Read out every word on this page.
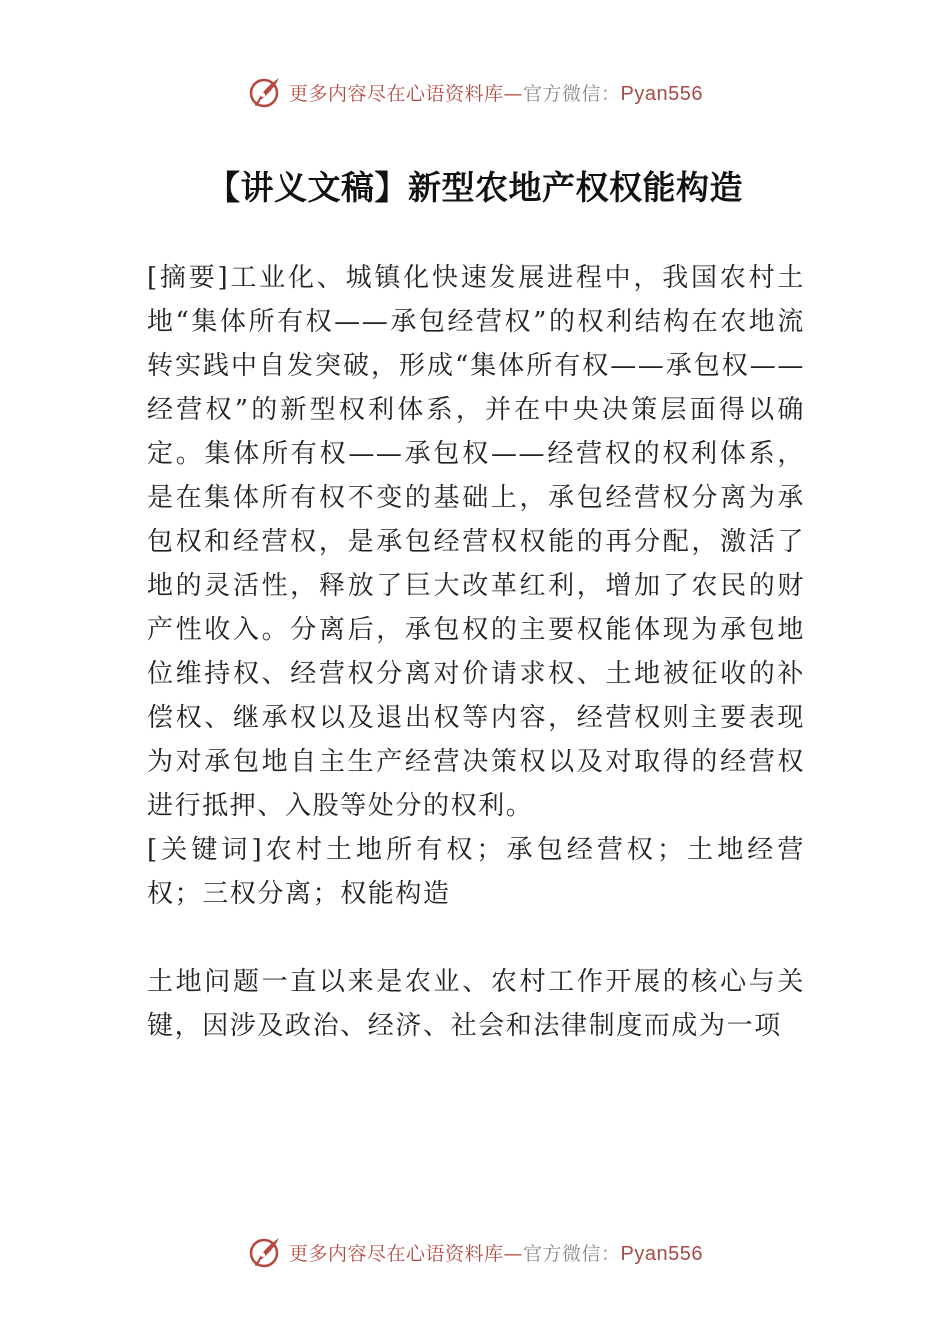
更多内容尽在心语资料库—官方微信：Pyan556
【讲义文稿】新型农地产权权能构造

[摘要]工业化、城镇化快速发展进程中，我国农村土地“集体所有权——承包经营权”的权利结构在农地流转实践中自发突破，形成“集体所有权——承包权——经营权”的新型权利体系，并在中央决策层面得以确定。集体所有权——承包权——经营权的权利体系，是在集体所有权不变的基础上，承包经营权分离为承包权和经营权，是承包经营权权能的再分配，激活了地的灵活性，释放了巨大改革红利，增加了农民的财产性收入。分离后，承包权的主要权能体现为承包地位维持权、经营权分离对价请求权、土地被征收的补偿权、继承权以及退出权等内容，经营权则主要表现为对承包地自主生产经营决策权以及对取得的经营权进行抵押、入股等处分的权利。

[关键词]农村土地所有权；承包经营权；土地经营权；三权分离；权能构造

土地问题一直以来是农业、农村工作开展的核心与关键，因涉及政治、经济、社会和法律制度而成为一项

更多内容尽在心语资料库—官方微信：Pyan556
